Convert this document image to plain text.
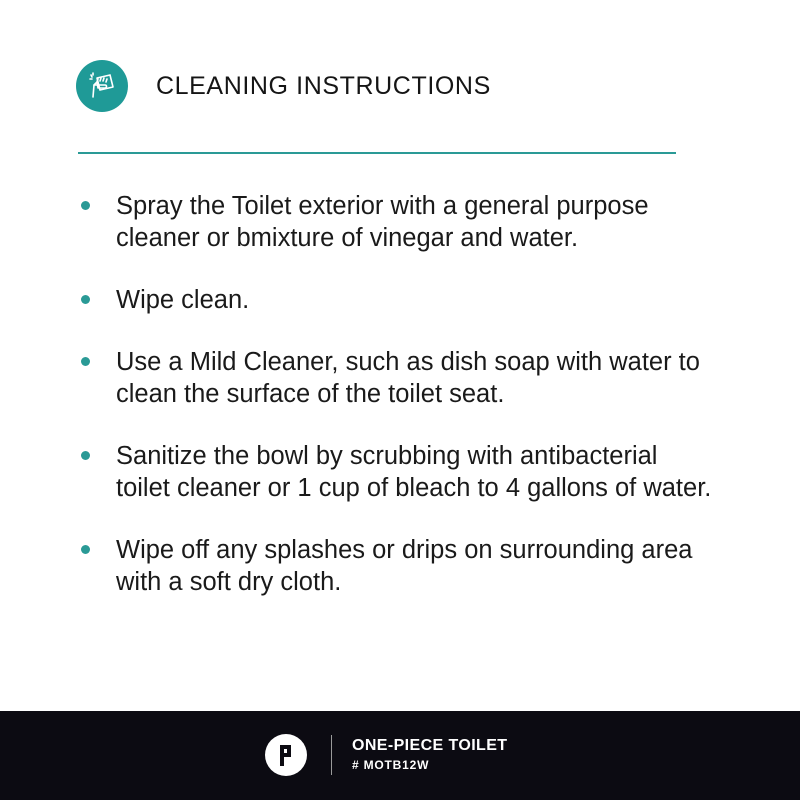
CLEANING INSTRUCTIONS
Spray the Toilet exterior with a general purpose cleaner or bmixture of vinegar and water.
Wipe clean.
Use a Mild Cleaner, such as dish soap with water to clean the surface of the toilet seat.
Sanitize the bowl by scrubbing with antibacterial toilet cleaner or 1 cup of bleach to 4 gallons of water.
Wipe off any splashes or drips on surrounding area with a soft dry cloth.
ONE-PIECE TOILET
# MOTB12W
